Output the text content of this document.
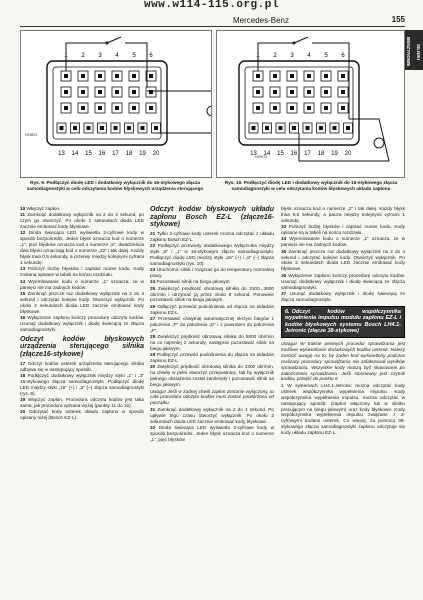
www.w114-115.org.pl
Mercedes-Benz	155
SILNIKI BENZYNOWE
1 2 3 4 5 6
13 14 15 16 17 18 19 20
H29803
1 2 3 4 5 6
13 14 15 16 17 18 19 20
H29970
Rys. 9. Podłączyć diodę LED i dodatkowy wyłącznik do 16-stykowego złącza samodiagnostyki w celu odczytania kodów błyskowych urządzenia sterującego
Rys. 10. Podłączyć diodę LED i dodatkowy wyłącznik do 16-stykowego złącza samodiagnostyki w celu odczytania kodów błyskowych układu zapłonu
10 Włączyć zapłon.
11 Zamknąć dodatkowy wyłącznik na 2 do 4 sekund, po czym go otworzyć. Po około 2 sekundach dioda LED zacznie emitować kody błyskowe.
12 Dioda świecąca LED wyświetla 2-cyfrowe kody w sposób bezpośredni. Jeden błysk oznacza kod o numerze „1”, pięć błysków oznacza kod o numerze „5”, dwadzieścia dwa błyski oznaczają kod o numerze „22” i tak dalej. Każdy błysk trwa 0,5 sekundy, a przerwy między kolejnymi cyframi 1 sekundę.
13 Policzyć liczbę błysków i zapisać numer kodu. Kody zostaną opisane w tabeli na końcu rozdziału.
14 Wyemitowanie kodu o numerze „1” oznacza, że w pamięci nie ma żadnych kodów.
15 Zamknąć jeszcze raz dodatkowy wyłącznik na 2 do 4 sekund i odczytać kolejne kody. Otworzyć wyłącznik. Po około 2 sekundach dioda LED zacznie emitować kody błyskowe.
16 Wyłączenie zapłonu kończy procedurę odczytu kodów. Usunąć dodatkowy wyłącznik i diodę świecącą ze złącza samodiagnostyki.
Odczyt kodów błyskowych urządzenia sterującego silnika (złącze16-stykowe)
17 Odczyt kodów usterek urządzenia sterującego silnika odbywa się w następujący sposób.
18 Podłączyć dodatkowy wyłącznik między styki „1” i „3” 16-stykowego złącza samodiagnostyki. Podłączyć diodę LED między styki „16” (+) i „3” (–) złącza samodiagnostyki (rys. 9).
19 Włączyć zapłon. Procedura odczytu kodów jest taka sama, jak procedura opisana wyżej (punkty 11 do 16).
20 Odczytać kody usterek układu zapłonu w sposób opisany niżej (Bosch EZ-L).
Odczyt kodów błyskowych układu zapłonu Bosch EZ-L (złącze16-stykowe)
21 Tylko 2-cyfrowe kody usterek można odczytać z układu zapłonu Bosch EZ-L.
22 Podłączyć przewody dodatkowego wyłącznika między styki „8” i „1” w 16-stykowym złączu samodiagnostyki. Podłączyć diodę LED między styki „16” (+) i „8” (–) złącza samodiagnostyki (rys. 10).
23 Uruchomić silnik i rozgrzać go do temperatury normalnej pracy.
24 Pozostawić silnik na biegu jałowym.
25 Zwiększyć prędkość obrotową silnika do 3100...3600 obr/min i utrzymać ją przez około 8 sekund. Ponownie pozostawić silnik na biegu jałowym.
26 Odłączyć przewód podciśnienia od złącza na układzie zapłonu EZ-L.
27 Przestawić chwytnię automatycznej skrzyni biegów z położenia „P” do położenia „D” i z powrotem do położenia „P”.
28 Zwiększyć prędkość obrotową silnika do 5000 obr/min na co najmniej 2 sekundy, następnie pozostawić silnik na biegu jałowym.
29 Podłączyć przewód podciśnienia do złącza na układzie zapłonu EZ-L.
30 Zwiększyć prędkość obrotową silnika do 2300 obr/min, na chwilę w pełni otworzyć przepustnicę, tak by wyłącznik pełnego obciążenia został zamknięty i pozostawić silnik na biegu jałowym.
Uwaga! Jeśli w żadnej chwili zapłon zostanie wyłączony, to cała procedura odczytu kodów musi zostać powtórzona od początku.
31 Zamknąć dodatkowy wyłącznik na 2 do 4 sekund. Po upływie tego czasu otworzyć wyłącznik. Po około 2 sekundach dioda LED zacznie emitować kody błyskowe.
32 Dioda świecąca LED wyświetla 2-cyfrowe kody w sposób bezpośredni. Jeden błysk oznacza kod o numerze „1”, pięć błysków
błysk oznacza kod o numerze „2” i tak dalej. Każdy błysk trwa 0,5 sekundy, a pauza między kolejnymi cyframi 1 sekundę.
33 Policzyć liczbę błysków i zapisać numer kodu. Kody opisane są w tabeli na końcu rozdziału.
34 Wyemitowanie kodu o numerze „1” oznacza, że w pamięci nie ma żadnych kodów.
35 Zamknąć jeszcze raz dodatkowy wyłącznik na 2 do 4 sekund i odczytać kolejne kody. Otworzyć wyłącznik. Po około 2 sekundach dioda LED zacznie emitować kody błyskowe.
36 Wyłączenie zapłonu kończy procedurę odczytu kodów. Usunąć dodatkowy wyłącznik i diodę świecącą ze złącza samodiagnostyki.
37 Usunąć dodatkowy wyłącznik i diodę świecącą ze złącza samodiagnostyki.
6. Odczyt kodów współczynnika wypełnienia impulsu modułu zapłonu EZ-L i kodów błyskowych systemu Bosch LH4.1-Jetronic (złącze 38-stykowe)
Uwaga! W trakcie pewnych procedur sprawdzania jest możliwe wyświetlanie dodatkowych kodów usterek. Należy zwrócić uwagę na to, by żaden kod wyświetlony podczas realizacji procedury sprawdzania nie zafałszował wyników sprawdzania. Wszystkie kody muszą być skasowane po zakończeniu sprawdzania. Jeśli stosowany jest czytnik kodów, przejść do punktu 6
1 W systemach LH4.1-Jetronic można odczytać kody usterek współczynnika wypełnienia impulsu. Kody współczynnika wypełnienia impulsu, można odczytać w następujący sposób: (zapłon włączony lub w silniku pracującym na biegu jałowym) oraz kody błyskowe. Kody współczynnika wypełnienia impulsu związane z 2-cyfrowymi kodami usterek. Co więcej, za pomocą 38-stykowego złącza samodiagnostyki zapłonu odczytuje się kody układu zapłonu EZ-L.
